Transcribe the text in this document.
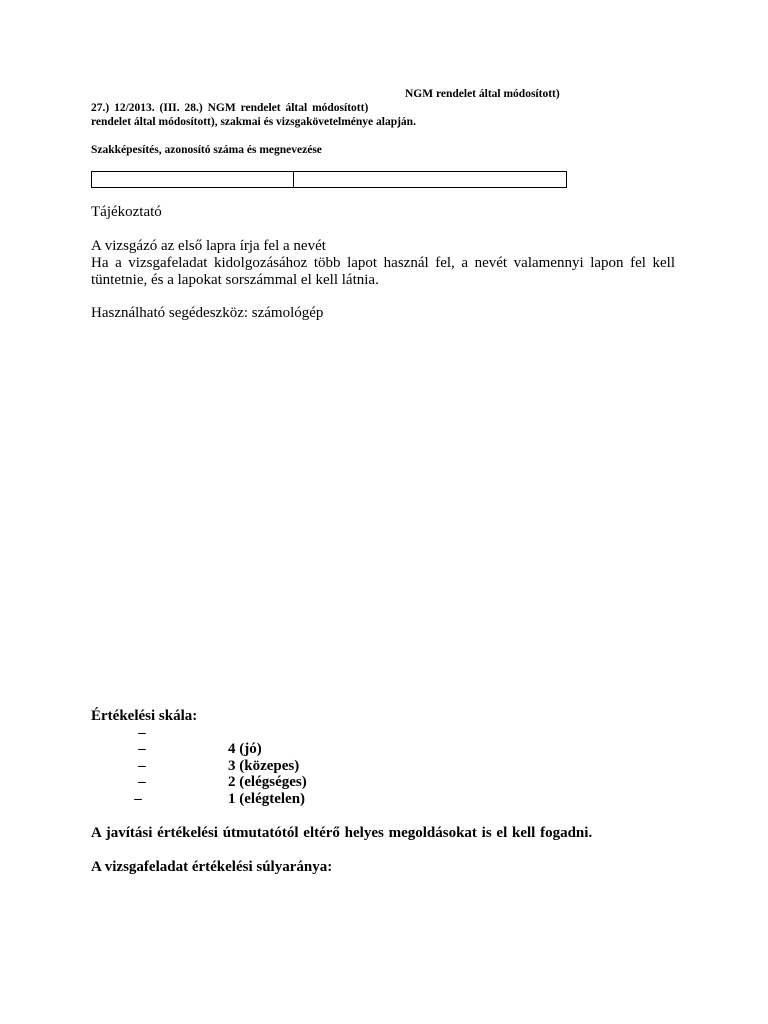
NGM rendelet által módosított)
27.) 12/2013. (III. 28.) NGM rendelet által módosított)
rendelet által módosított), szakmai és vizsgakövetelménye alapján.
Szakképesítés, azonosító száma és megnevezése
Tájékoztató
A vizsgázó az első lapra írja fel a nevét
Ha a vizsgafeladat kidolgozásához több lapot használ fel, a nevét valamennyi lapon fel kell tüntetnie, és a lapokat sorszámmal el kell látnia.
Használható segédeszköz: számológép
Értékelési skála:
–
–	4 (jó)
–	3 (közepes)
–	2 (elégséges)
–	1 (elégtelen)
A javítási értékelési útmutatótól eltérő helyes megoldásokat is el kell fogadni.
A vizsgafeladat értékelési súlyaránya:
